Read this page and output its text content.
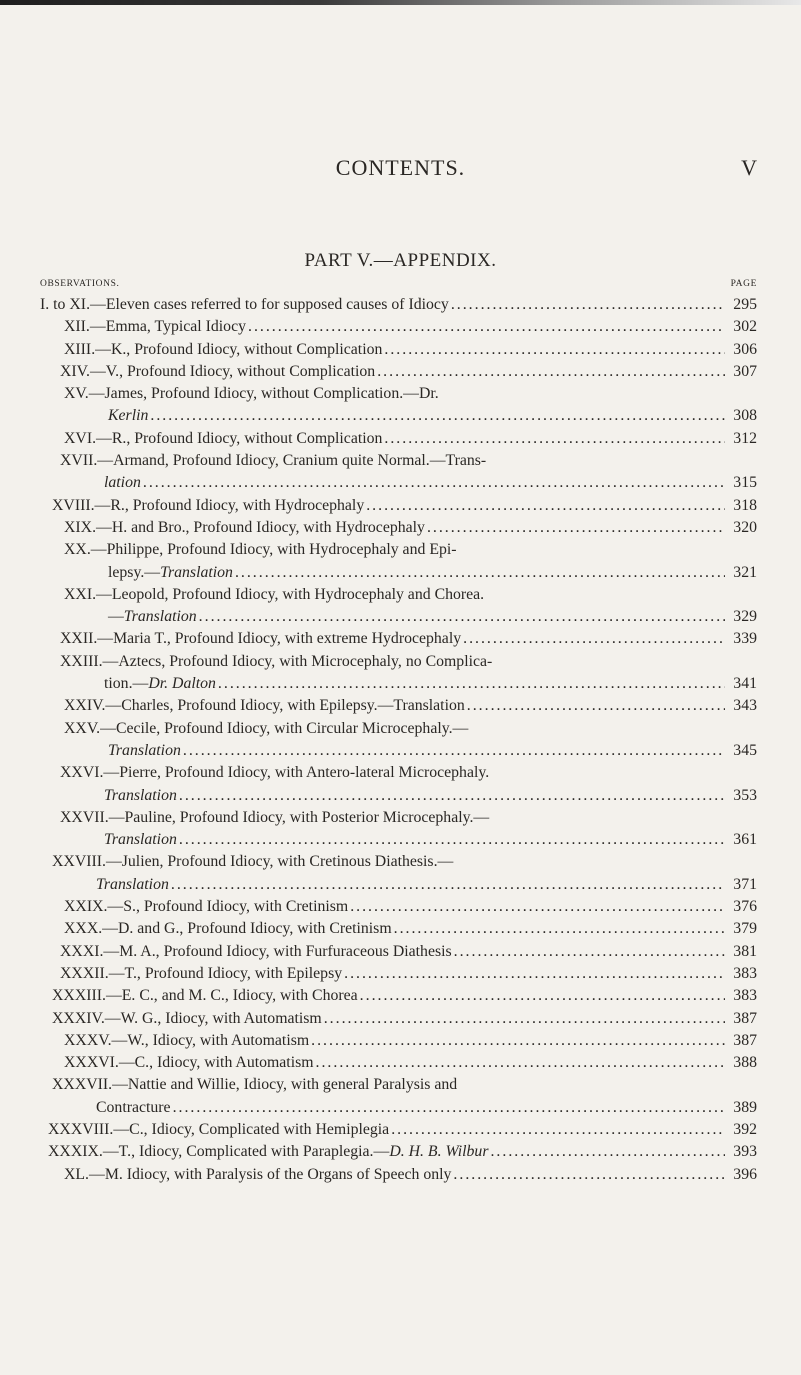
CONTENTS.	V
PART V.—APPENDIX.
OBSERVATIONS.	PAGE
I. to XI.—Eleven cases referred to for supposed causes of Idiocy .....	295
XII.—Emma, Typical Idiocy .....	302
XIII.—K., Profound Idiocy, without Complication .....	306
XIV.—V., Profound Idiocy, without Complication .....	307
XV.—James, Profound Idiocy, without Complication.—Dr.
Kerlin .....	308
XVI.—R., Profound Idiocy, without Complication .....	312
XVII.—Armand, Profound Idiocy, Cranium quite Normal.—Trans-
lation .....	315
XVIII.—R., Profound Idiocy, with Hydrocephaly .....	318
XIX.—H. and Bro., Profound Idiocy, with Hydrocephaly .....	320
XX.—Philippe, Profound Idiocy, with Hydrocephaly and Epi-
lepsy.—Translation .....	321
XXI.—Leopold, Profound Idiocy, with Hydrocephaly and Chorea.
—Translation .....	329
XXII.—Maria T., Profound Idiocy, with extreme Hydrocephaly .....	339
XXIII.—Aztecs, Profound Idiocy, with Microcephaly, no Complica-
tion.—Dr. Dalton .....	341
XXIV.—Charles, Profound Idiocy, with Epilepsy.—Translation .....	343
XXV.—Cecile, Profound Idiocy, with Circular Microcephaly.—
Translation .....	345
XXVI.—Pierre, Profound Idiocy, with Antero-lateral Microcephaly.
Translation .....	353
XXVII.—Pauline, Profound Idiocy, with Posterior Microcephaly.—
Translation .....	361
XXVIII.—Julien, Profound Idiocy, with Cretinous Diathesis.—
Translation .....	371
XXIX.—S., Profound Idiocy, with Cretinism .....	376
XXX.—D. and G., Profound Idiocy, with Cretinism .....	379
XXXI.—M. A., Profound Idiocy, with Furfuraceous Diathesis .....	381
XXXII.—T., Profound Idiocy, with Epilepsy .....	383
XXXIII.—E. C., and M. C., Idiocy, with Chorea .....	383
XXXIV.—W. G., Idiocy, with Automatism .....	387
XXXV.—W., Idiocy, with Automatism .....	387
XXXVI.—C., Idiocy, with Automatism .....	388
XXXVII.—Nattie and Willie, Idiocy, with general Paralysis and
Contracture .....	389
XXXVIII.—C., Idiocy, Complicated with Hemiplegia .....	392
XXXIX.—T., Idiocy, Complicated with Paraplegia.—D. H. B. Wilbur .....	393
XL.—M. Idiocy, with Paralysis of the Organs of Speech only .....	396
